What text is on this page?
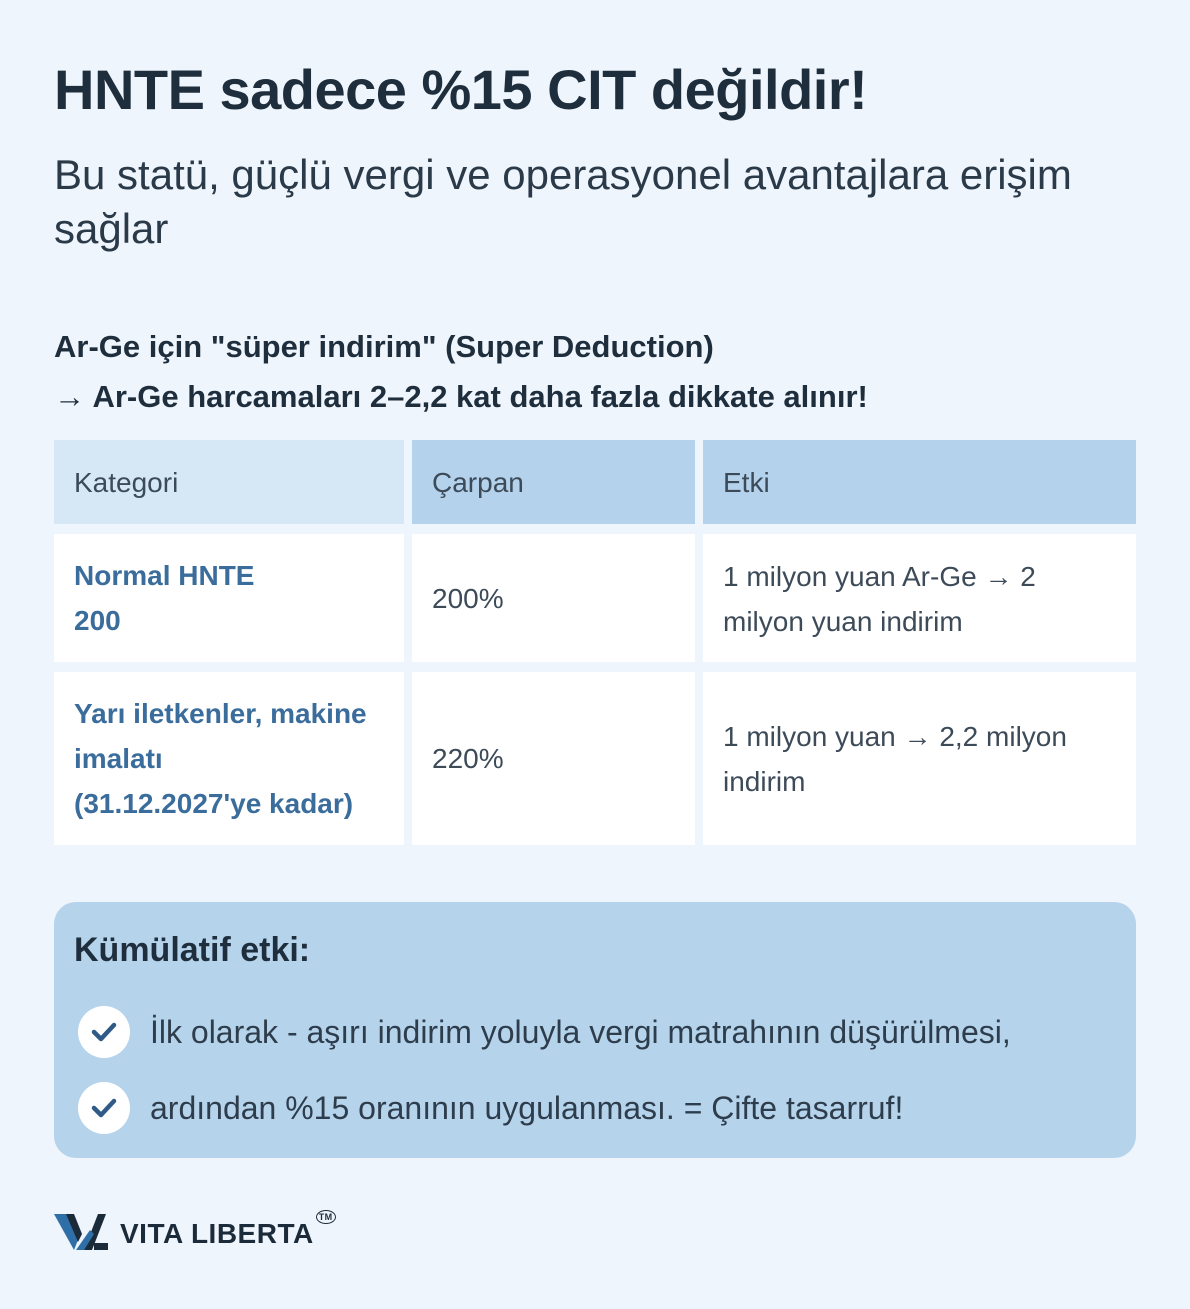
HNTE sadece %15 CIT değildir!
Bu statü, güçlü vergi ve operasyonel avantajlara erişim sağlar
Ar-Ge için "süper indirim" (Super Deduction)
→ Ar-Ge harcamaları 2–2,2 kat daha fazla dikkate alınır!
Kategori	Çarpan	Etki
Normal HNTE
200
200%
1 milyon yuan Ar-Ge → 2 milyon yuan indirim
Yarı iletkenler, makine imalatı
(31.12.2027'ye kadar)
220%
1 milyon yuan → 2,2 milyon indirim
Kümülatif etki:
İlk olarak - aşırı indirim yoluyla vergi matrahının düşürülmesi,
ardından %15 oranının uygulanması. = Çifte tasarruf!
VITA LIBERTA™
